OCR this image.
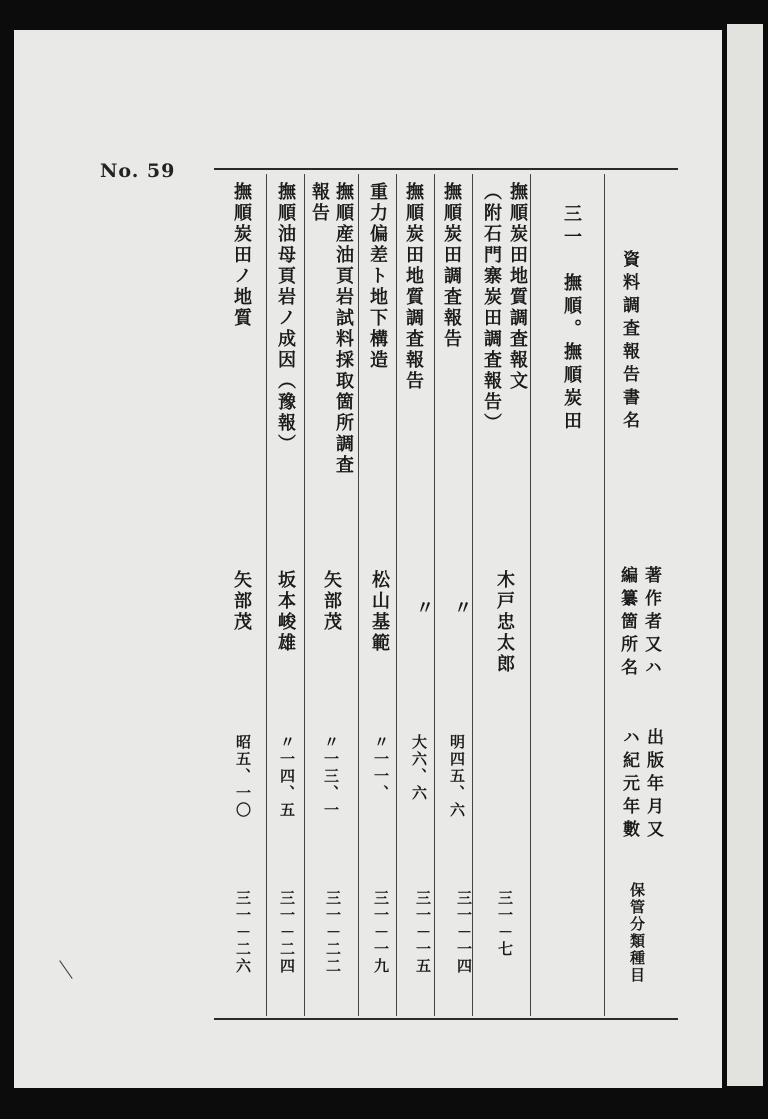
No. 59
資料調査報告書名
著作者又ハ
編纂箇所名
出版年月又
ハ紀元年數
保管分類種目
三一　撫順。撫順炭田
撫順炭田地質調査報文
（附石門寨炭田調査報告）
木戸忠太郎
明四五、六
三一－七
撫順炭田調査報告
〃
三一－一四
撫順炭田地質調査報告
〃
大六、六
三一－一五
重力偏差ト地下構造
松山基範
〃一一、
三一－一九
撫順産油頁岩試料採取箇所調査
報告
矢部茂
〃一三、一
三一－二二
撫順油母頁岩ノ成因（豫報）
坂本峻雄
〃一四、五
三一－二四
撫順炭田ノ地質
矢部茂
昭五、一〇
三一－二六
